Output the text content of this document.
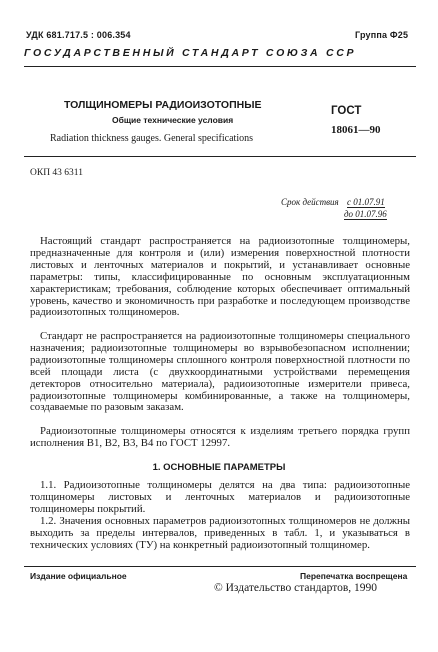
УДК 681.717.5 : 006.354	Группа Ф25
ГОСУДАРСТВЕННЫЙ СТАНДАРТ СОЮЗА ССР
ТОЛЩИНОМЕРЫ РАДИОИЗОТОПНЫЕ
Общие технические условия
Radiation thickness gauges. General specifications
ГОСТ
18061—90
ОКП 43 6311
Срок действия с 01.07.91
до 01.07.96

Настоящий стандарт распространяется на радиоизотопные толщиномеры, предназначенные для контроля и (или) измерения поверхностной плотности листовых и ленточных материалов и покрытий, и устанавливает основные параметры: типы, классифицированные по основным эксплуатационным характеристикам; требования, соблюдение которых обеспечивает оптимальный уровень, качество и экономичность при разработке и последующем производстве радиоизотопных толщиномеров.

Стандарт не распространяется на радиоизотопные толщиномеры специального назначения; радиоизотопные толщиномеры во взрывобезопасном исполнении; радиоизотопные толщиномеры сплошного контроля поверхностной плотности по всей площади листа (с двухкоординатными устройствами перемещения детекторов относительно материала), радиоизотопные измерители привеса, радиоизотопные толщиномеры комбинированные, а также на толщиномеры, создаваемые по разовым заказам.

Радиоизотопные толщиномеры относятся к изделиям третьего порядка групп исполнения В1, В2, В3, В4 по ГОСТ 12997.

1. ОСНОВНЫЕ ПАРАМЕТРЫ

1.1. Радиоизотопные толщиномеры делятся на два типа: радиоизотопные толщиномеры листовых и ленточных материалов и радиоизотопные толщиномеры покрытий.

1.2. Значения основных параметров радиоизотопных толщиномеров не должны выходить за пределы интервалов, приведенных в табл. 1, и указываться в технических условиях (ТУ) на конкретный радиоизотопный толщиномер.

Издание официальное	Перепечатка воспрещена
© Издательство стандартов, 1990
